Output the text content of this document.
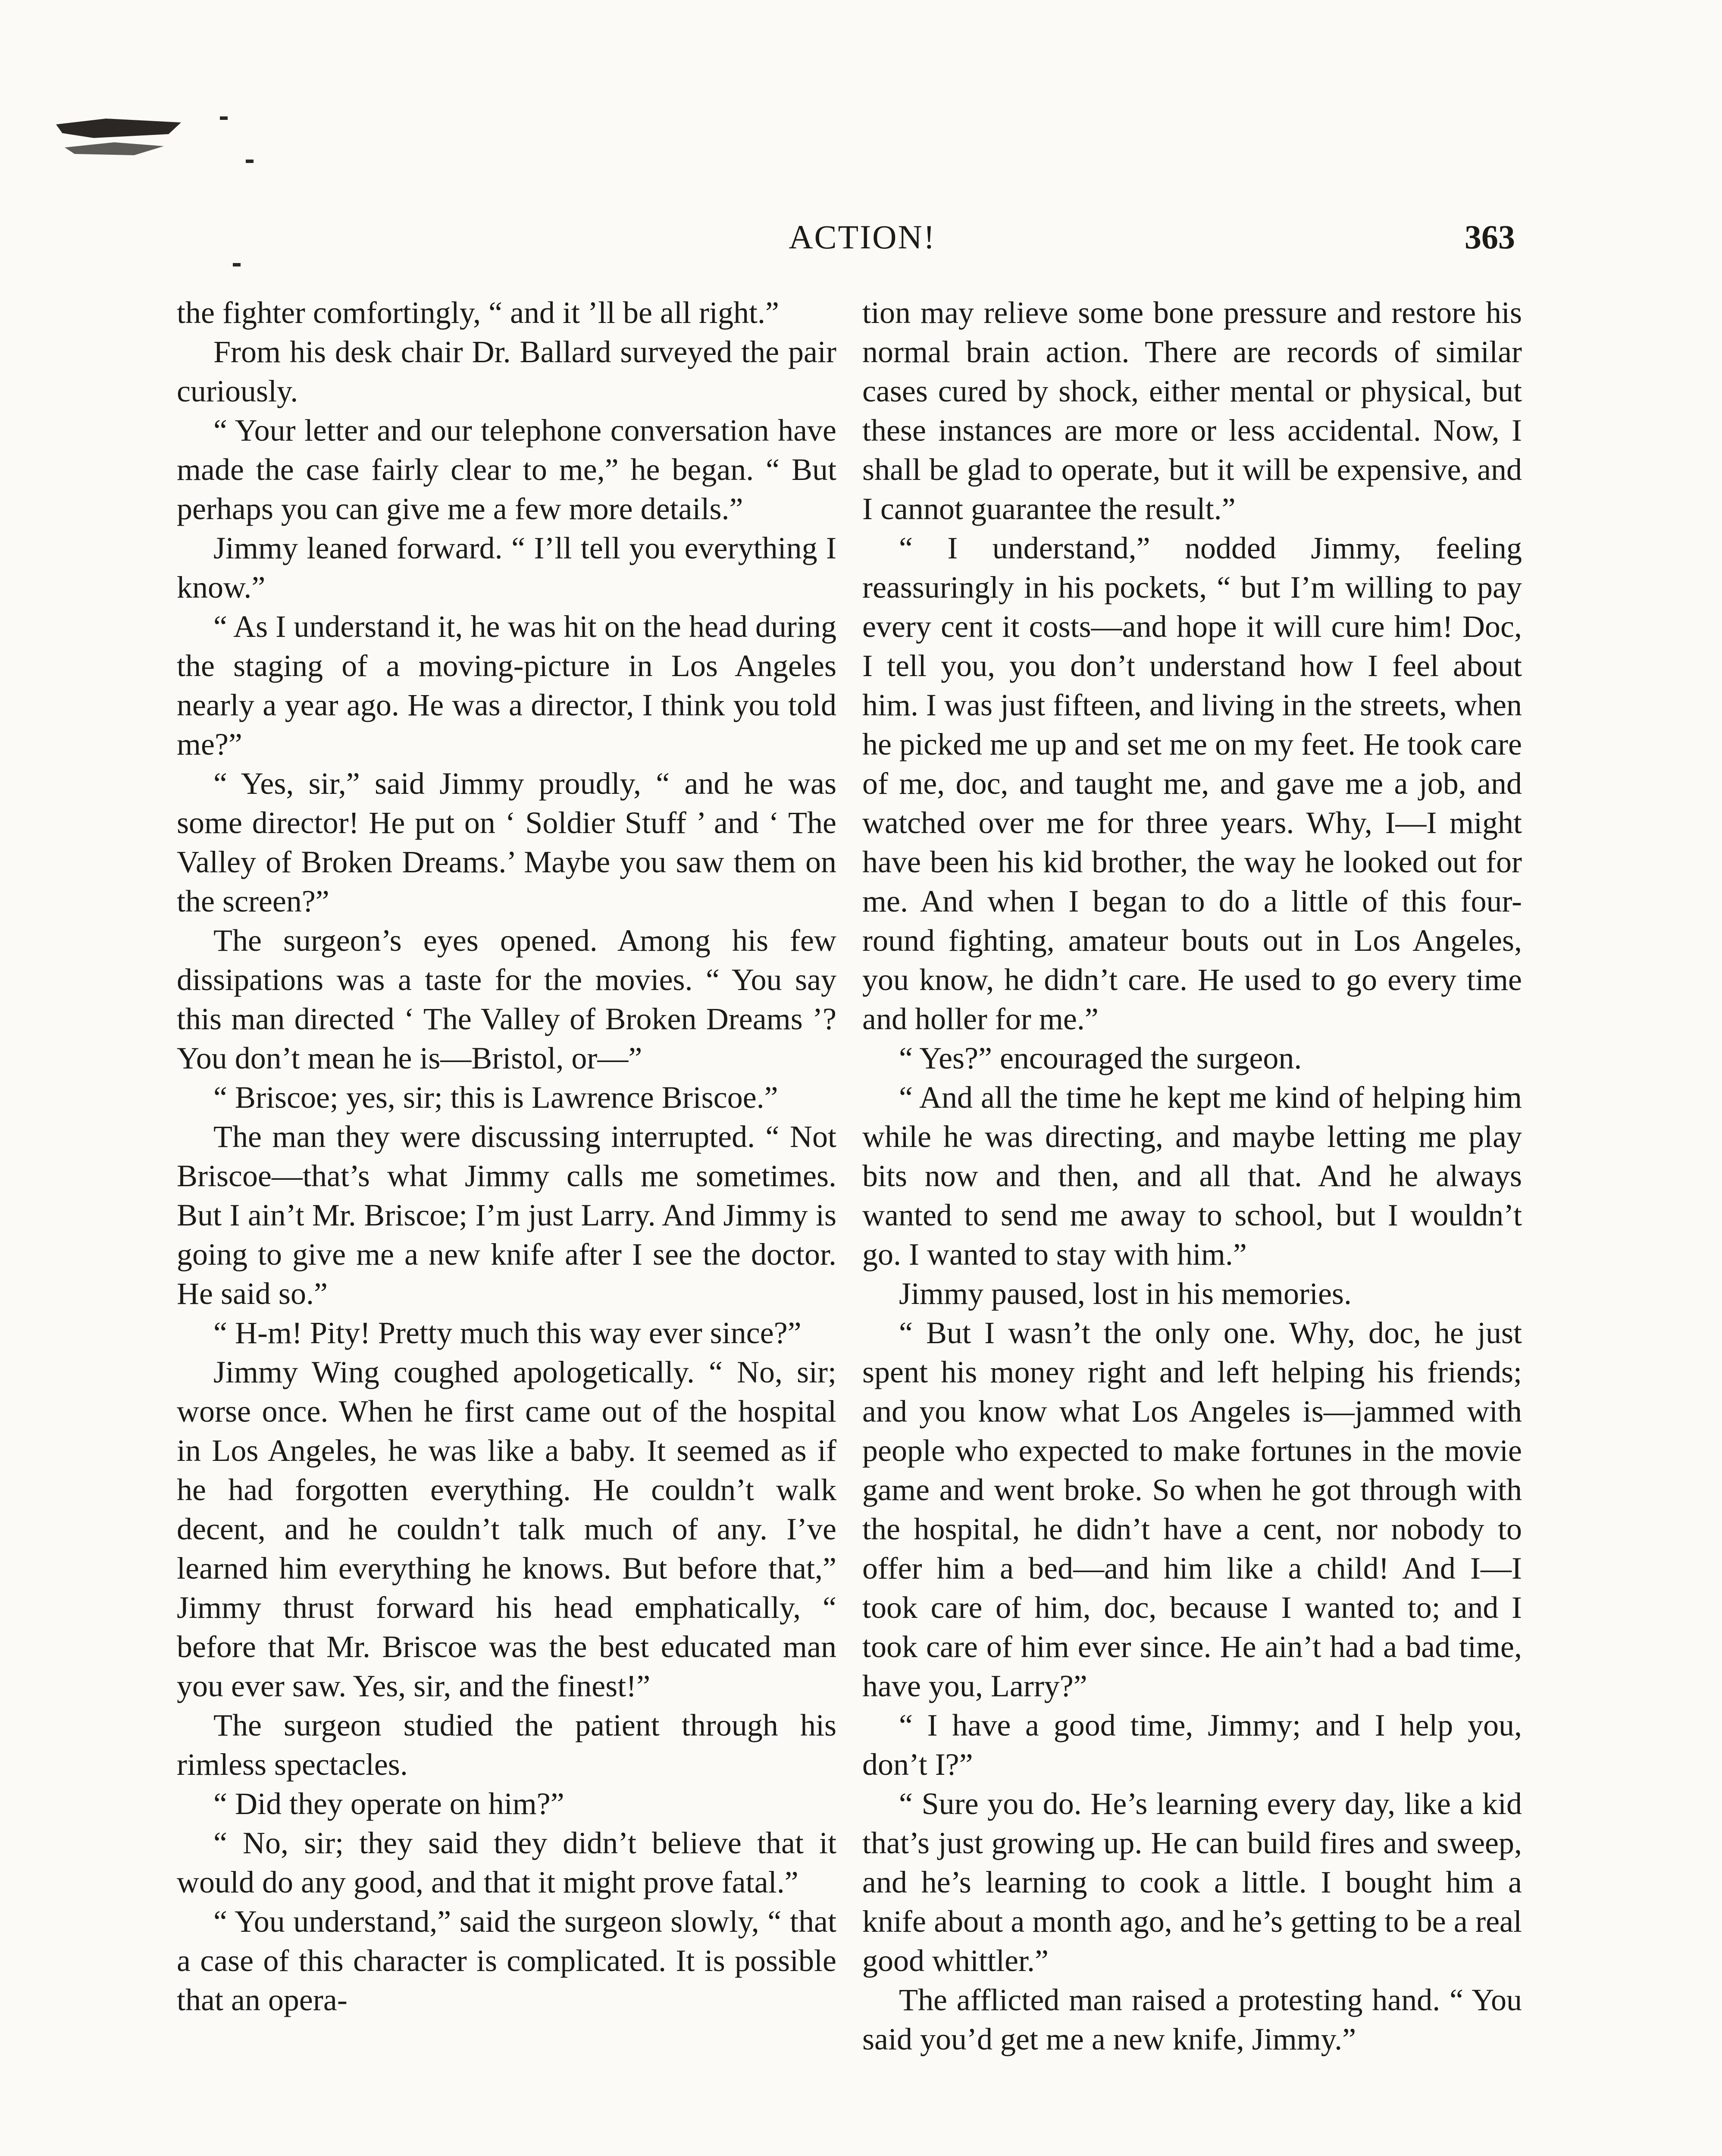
ACTION!	363

the fighter comfortingly, “ and it ’ll be all right.”

From his desk chair Dr. Ballard surveyed the pair curiously.

“ Your letter and our telephone conversation have made the case fairly clear to me,” he began. “ But perhaps you can give me a few more details.”

Jimmy leaned forward. “ I’ll tell you everything I know.”

“ As I understand it, he was hit on the head during the staging of a moving-picture in Los Angeles nearly a year ago. He was a director, I think you told me?”

“ Yes, sir,” said Jimmy proudly, “ and he was some director! He put on ‘ Soldier Stuff ’ and ‘ The Valley of Broken Dreams.’ Maybe you saw them on the screen?”

The surgeon’s eyes opened. Among his few dissipations was a taste for the movies. “ You say this man directed ‘ The Valley of Broken Dreams ’? You don’t mean he is—Bristol, or—”

“ Briscoe; yes, sir; this is Lawrence Briscoe.”

The man they were discussing interrupted. “ Not Briscoe—that’s what Jimmy calls me sometimes. But I ain’t Mr. Briscoe; I’m just Larry. And Jimmy is going to give me a new knife after I see the doctor. He said so.”

“ H-m! Pity! Pretty much this way ever since?”

Jimmy Wing coughed apologetically. “ No, sir; worse once. When he first came out of the hospital in Los Angeles, he was like a baby. It seemed as if he had forgotten everything. He couldn’t walk decent, and he couldn’t talk much of any. I’ve learned him everything he knows. But before that,” Jimmy thrust forward his head emphatically, “ before that Mr. Briscoe was the best educated man you ever saw. Yes, sir, and the finest!”

The surgeon studied the patient through his rimless spectacles.

“ Did they operate on him?”

“ No, sir; they said they didn’t believe that it would do any good, and that it might prove fatal.”

“ You understand,” said the surgeon slowly, “ that a case of this character is complicated. It is possible that an opera-

tion may relieve some bone pressure and restore his normal brain action. There are records of similar cases cured by shock, either mental or physical, but these instances are more or less accidental. Now, I shall be glad to operate, but it will be expensive, and I cannot guarantee the result.”

“ I understand,” nodded Jimmy, feeling reassuringly in his pockets, “ but I’m willing to pay every cent it costs—and hope it will cure him! Doc, I tell you, you don’t understand how I feel about him. I was just fifteen, and living in the streets, when he picked me up and set me on my feet. He took care of me, doc, and taught me, and gave me a job, and watched over me for three years. Why, I—I might have been his kid brother, the way he looked out for me. And when I began to do a little of this four-round fighting, amateur bouts out in Los Angeles, you know, he didn’t care. He used to go every time and holler for me.”

“ Yes?” encouraged the surgeon.

“ And all the time he kept me kind of helping him while he was directing, and maybe letting me play bits now and then, and all that. And he always wanted to send me away to school, but I wouldn’t go. I wanted to stay with him.”

Jimmy paused, lost in his memories.

“ But I wasn’t the only one. Why, doc, he just spent his money right and left helping his friends; and you know what Los Angeles is—jammed with people who expected to make fortunes in the movie game and went broke. So when he got through with the hospital, he didn’t have a cent, nor nobody to offer him a bed—and him like a child! And I—I took care of him, doc, because I wanted to; and I took care of him ever since. He ain’t had a bad time, have you, Larry?”

“ I have a good time, Jimmy; and I help you, don’t I?”

“ Sure you do. He’s learning every day, like a kid that’s just growing up. He can build fires and sweep, and he’s learning to cook a little. I bought him a knife about a month ago, and he’s getting to be a real good whittler.”

The afflicted man raised a protesting hand. “ You said you’d get me a new knife, Jimmy.”
